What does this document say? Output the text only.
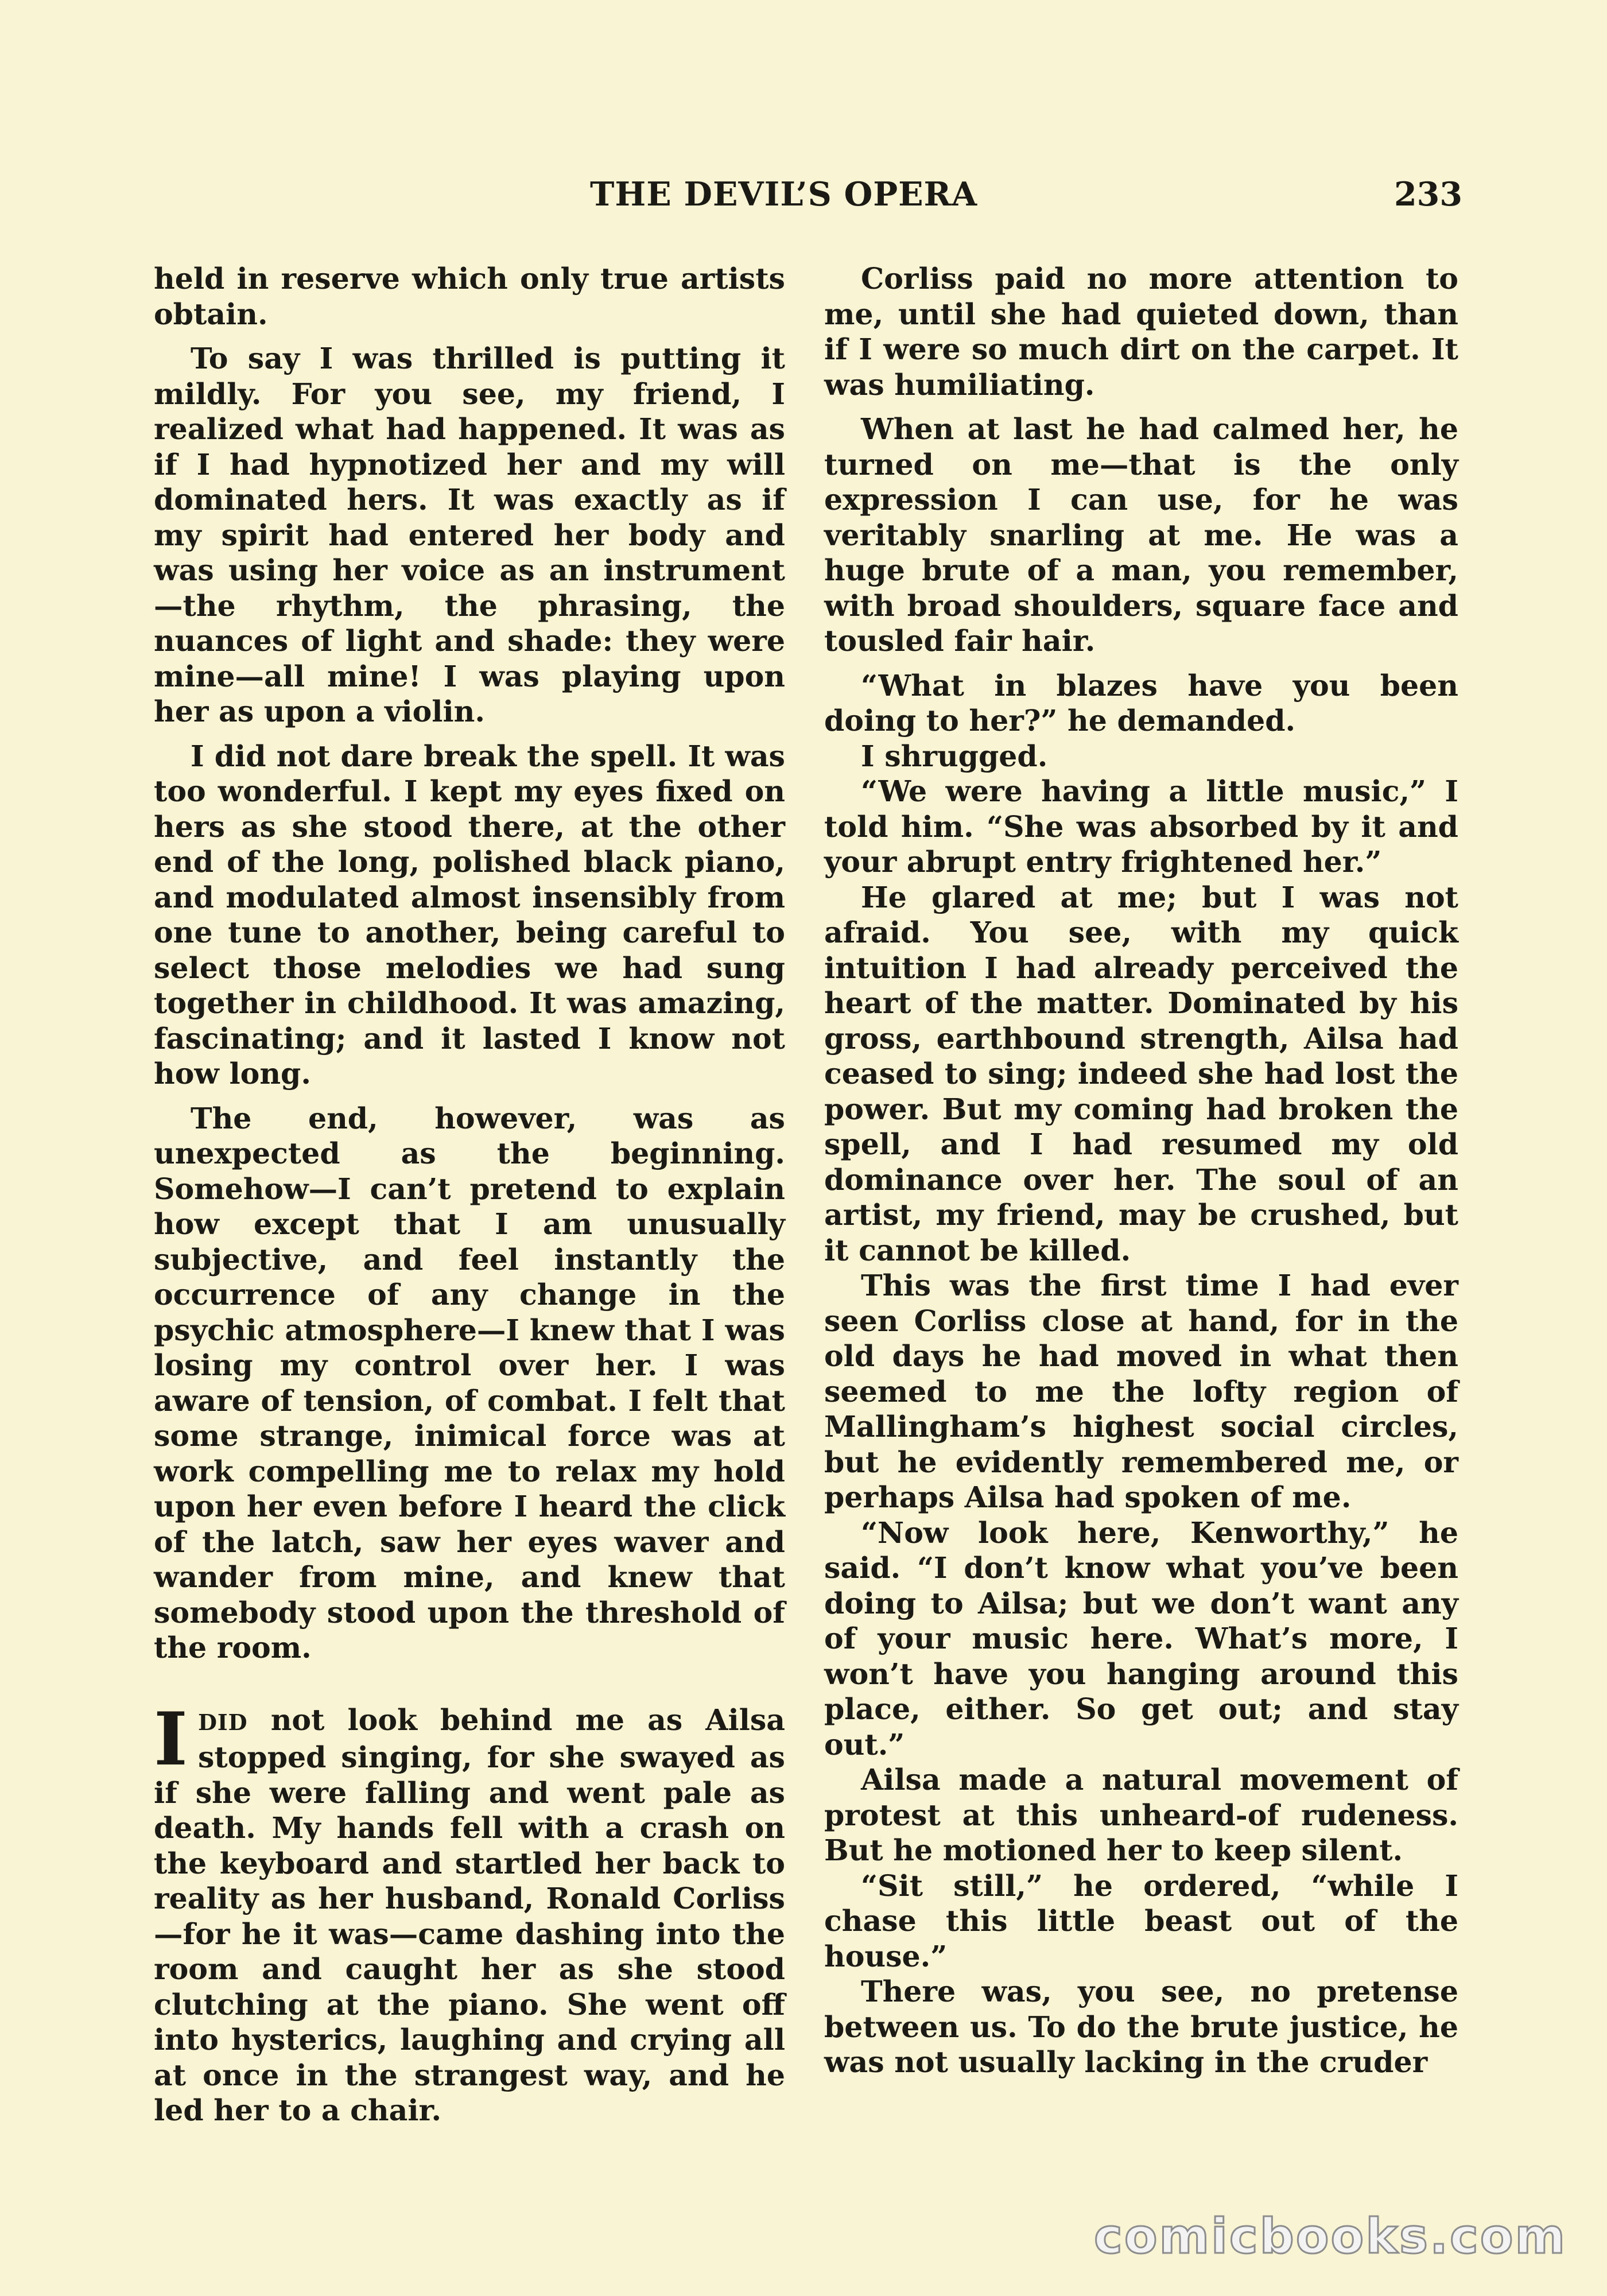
THE DEVIL’S OPERA	233

held in reserve which only true artists obtain.

To say I was thrilled is putting it mildly. For you see, my friend, I realized what had happened. It was as if I had hypnotized her and my will dominated hers. It was exactly as if my spirit had entered her body and was using her voice as an instrument—the rhythm, the phrasing, the nuances of light and shade: they were mine—all mine! I was playing upon her as upon a violin.

I did not dare break the spell. It was too wonderful. I kept my eyes fixed on hers as she stood there, at the other end of the long, polished black piano, and modulated almost insensibly from one tune to another, being careful to select those melodies we had sung together in childhood. It was amazing, fascinating; and it lasted I know not how long.

The end, however, was as unexpected as the beginning. Somehow—I can’t pretend to explain how except that I am unusually subjective, and feel instantly the occurrence of any change in the psychic atmosphere—I knew that I was losing my control over her. I was aware of tension, of combat. I felt that some strange, inimical force was at work compelling me to relax my hold upon her even before I heard the click of the latch, saw her eyes waver and wander from mine, and knew that somebody stood upon the threshold of the room.

IDID not look behind me as Ailsa stopped singing, for she swayed as if she were falling and went pale as death. My hands fell with a crash on the keyboard and startled her back to reality as her husband, Ronald Corliss—for he it was—came dashing into the room and caught her as she stood clutching at the piano. She went off into hysterics, laughing and crying all at once in the strangest way, and he led her to a chair.

Corliss paid no more attention to me, until she had quieted down, than if I were so much dirt on the carpet. It was humiliating.

When at last he had calmed her, he turned on me—that is the only expression I can use, for he was veritably snarling at me. He was a huge brute of a man, you remember, with broad shoulders, square face and tousled fair hair.

“What in blazes have you been doing to her?” he demanded.

I shrugged.

“We were having a little music,” I told him. “She was absorbed by it and your abrupt entry frightened her.”

He glared at me; but I was not afraid. You see, with my quick intuition I had already perceived the heart of the matter. Dominated by his gross, earthbound strength, Ailsa had ceased to sing; indeed she had lost the power. But my coming had broken the spell, and I had resumed my old dominance over her. The soul of an artist, my friend, may be crushed, but it cannot be killed.

This was the first time I had ever seen Corliss close at hand, for in the old days he had moved in what then seemed to me the lofty region of Mallingham’s highest social circles, but he evidently remembered me, or perhaps Ailsa had spoken of me.

“Now look here, Kenworthy,” he said. “I don’t know what you’ve been doing to Ailsa; but we don’t want any of your music here. What’s more, I won’t have you hanging around this place, either. So get out; and stay out.”

Ailsa made a natural movement of protest at this unheard-of rudeness. But he motioned her to keep silent.

“Sit still,” he ordered, “while I chase this little beast out of the house.”

There was, you see, no pretense between us. To do the brute justice, he was not usually lacking in the cruder

comicbooks.com
